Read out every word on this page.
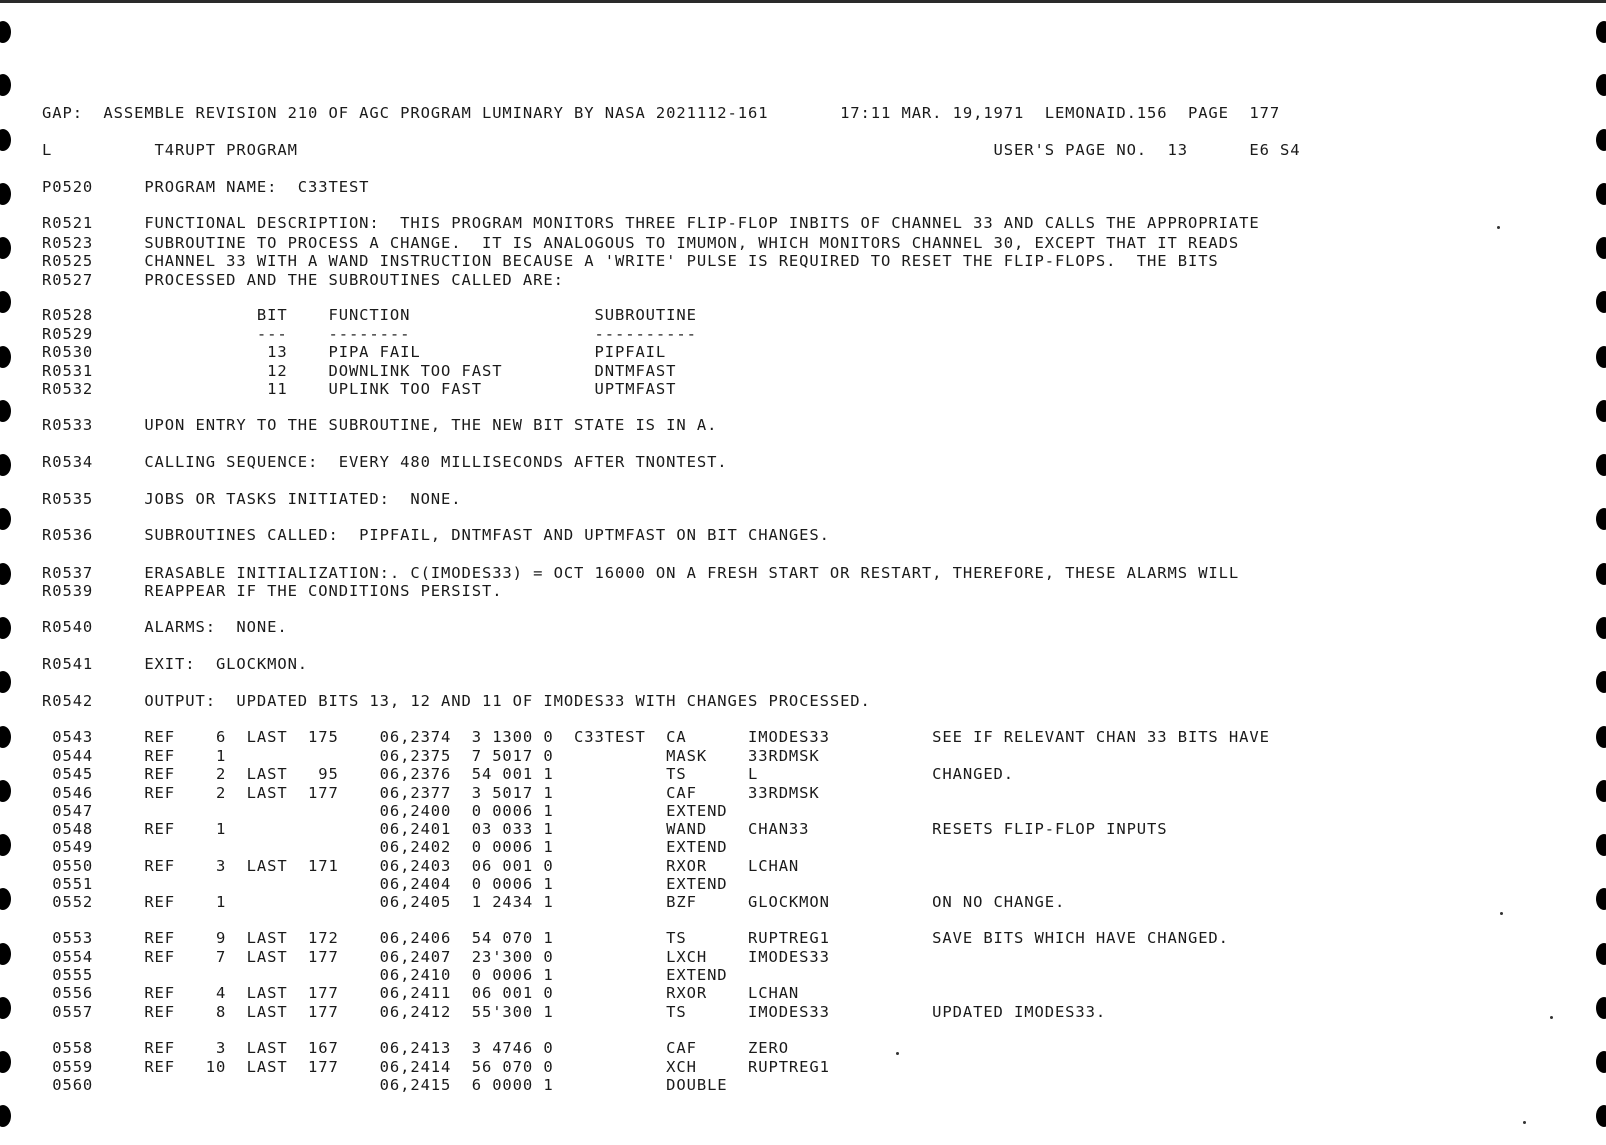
GAP:  ASSEMBLE REVISION 210 OF AGC PROGRAM LUMINARY BY NASA 2021112-161       17:11 MAR. 19,1971  LEMONAID.156  PAGE  177
L          T4RUPT PROGRAM                                                                    USER'S PAGE NO.  13      E6 S4
P0520     PROGRAM NAME:  C33TEST
R0521     FUNCTIONAL DESCRIPTION:  THIS PROGRAM MONITORS THREE FLIP-FLOP INBITS OF CHANNEL 33 AND CALLS THE APPROPRIATE
R0523     SUBROUTINE TO PROCESS A CHANGE.  IT IS ANALOGOUS TO IMUMON, WHICH MONITORS CHANNEL 30, EXCEPT THAT IT READS
R0525     CHANNEL 33 WITH A WAND INSTRUCTION BECAUSE A 'WRITE' PULSE IS REQUIRED TO RESET THE FLIP-FLOPS.  THE BITS
R0527     PROCESSED AND THE SUBROUTINES CALLED ARE:
R0528                BIT    FUNCTION                  SUBROUTINE
R0529                ---    --------                  ----------
R0530                 13    PIPA FAIL                 PIPFAIL
R0531                 12    DOWNLINK TOO FAST         DNTMFAST
R0532                 11    UPLINK TOO FAST           UPTMFAST
R0533     UPON ENTRY TO THE SUBROUTINE, THE NEW BIT STATE IS IN A.
R0534     CALLING SEQUENCE:  EVERY 480 MILLISECONDS AFTER TNONTEST.
R0535     JOBS OR TASKS INITIATED:  NONE.
R0536     SUBROUTINES CALLED:  PIPFAIL, DNTMFAST AND UPTMFAST ON BIT CHANGES.
R0537     ERASABLE INITIALIZATION:. C(IMODES33) = OCT 16000 ON A FRESH START OR RESTART, THEREFORE, THESE ALARMS WILL
R0539     REAPPEAR IF THE CONDITIONS PERSIST.
R0540     ALARMS:  NONE.
R0541     EXIT:  GLOCKMON.
R0542     OUTPUT:  UPDATED BITS 13, 12 AND 11 OF IMODES33 WITH CHANGES PROCESSED.
0543     REF    6  LAST  175    06,2374  3 1300 0  C33TEST  CA      IMODES33          SEE IF RELEVANT CHAN 33 BITS HAVE
0544     REF    1               06,2375  7 5017 0           MASK    33RDMSK
0545     REF    2  LAST   95    06,2376  54 001 1           TS      L                 CHANGED.
0546     REF    2  LAST  177    06,2377  3 5017 1           CAF     33RDMSK
0547                            06,2400  0 0006 1           EXTEND
0548     REF    1               06,2401  03 033 1           WAND    CHAN33            RESETS FLIP-FLOP INPUTS
0549                            06,2402  0 0006 1           EXTEND
0550     REF    3  LAST  171    06,2403  06 001 0           RXOR    LCHAN
0551                            06,2404  0 0006 1           EXTEND
0552     REF    1               06,2405  1 2434 1           BZF     GLOCKMON          ON NO CHANGE.
0553     REF    9  LAST  172    06,2406  54 070 1           TS      RUPTREG1          SAVE BITS WHICH HAVE CHANGED.
0554     REF    7  LAST  177    06,2407  23'300 0           LXCH    IMODES33
0555                            06,2410  0 0006 1           EXTEND
0556     REF    4  LAST  177    06,2411  06 001 0           RXOR    LCHAN
0557     REF    8  LAST  177    06,2412  55'300 1           TS      IMODES33          UPDATED IMODES33.
0558     REF    3  LAST  167    06,2413  3 4746 0           CAF     ZERO
0559     REF   10  LAST  177    06,2414  56 070 0           XCH     RUPTREG1
0560                            06,2415  6 0000 1           DOUBLE
